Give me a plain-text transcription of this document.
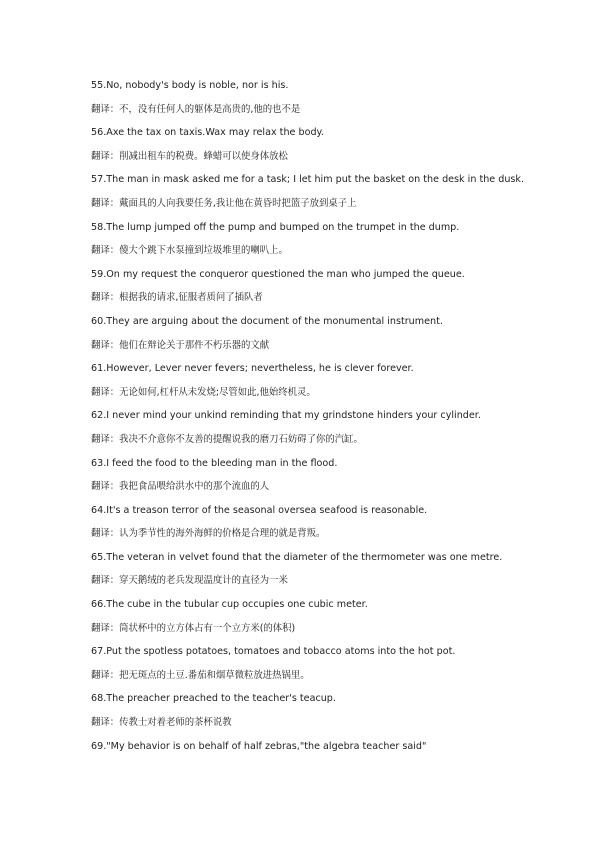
55.No, nobody's body is noble, nor is his.
翻译：不，没有任何人的躯体是高贵的,他的也不是
56.Axe the tax on taxis.Wax may relax the body.
翻译：削减出租车的税费。蜂蜡可以使身体放松
57.The man in mask asked me for a task; I let him put the basket on the desk in the dusk.
翻译：戴面具的人向我要任务,我让他在黄昏时把篮子放到桌子上
58.The lump jumped off the pump and bumped on the trumpet in the dump.
翻译：傻大个跳下水泵撞到垃圾堆里的喇叭上。
59.On my request the conqueror questioned the man who jumped the queue.
翻译：根据我的请求,征服者质问了插队者
60.They are arguing about the document of the monumental instrument.
翻译：他们在辩论关于那件不朽乐器的文献
61.However, Lever never fevers; nevertheless, he is clever forever.
翻译：无论如何,杠杆从未发烧;尽管如此,他始终机灵。
62.I never mind your unkind reminding that my grindstone hinders your cylinder.
翻译：我决不介意你不友善的提醒说我的磨刀石妨碍了你的汽缸。
63.I feed the food to the bleeding man in the flood.
翻译：我把食品喂给洪水中的那个流血的人
64.It's a treason terror of the seasonal oversea seafood is reasonable.
翻译：认为季节性的海外海鲜的价格是合理的就是背叛。
65.The veteran in velvet found that the diameter of the thermometer was one metre.
翻译：穿天鹅绒的老兵发现温度计的直径为一米
66.The cube in the tubular cup occupies one cubic meter.
翻译：筒状杯中的立方体占有一个立方米(的体积)
67.Put the spotless potatoes, tomatoes and tobacco atoms into the hot pot.
翻译：把无斑点的土豆.番茄和烟草微粒放进热锅里。
68.The preacher preached to the teacher's teacup.
翻译：传教士对着老师的茶杯说教
69."My behavior is on behalf of half zebras,"the algebra teacher said"
